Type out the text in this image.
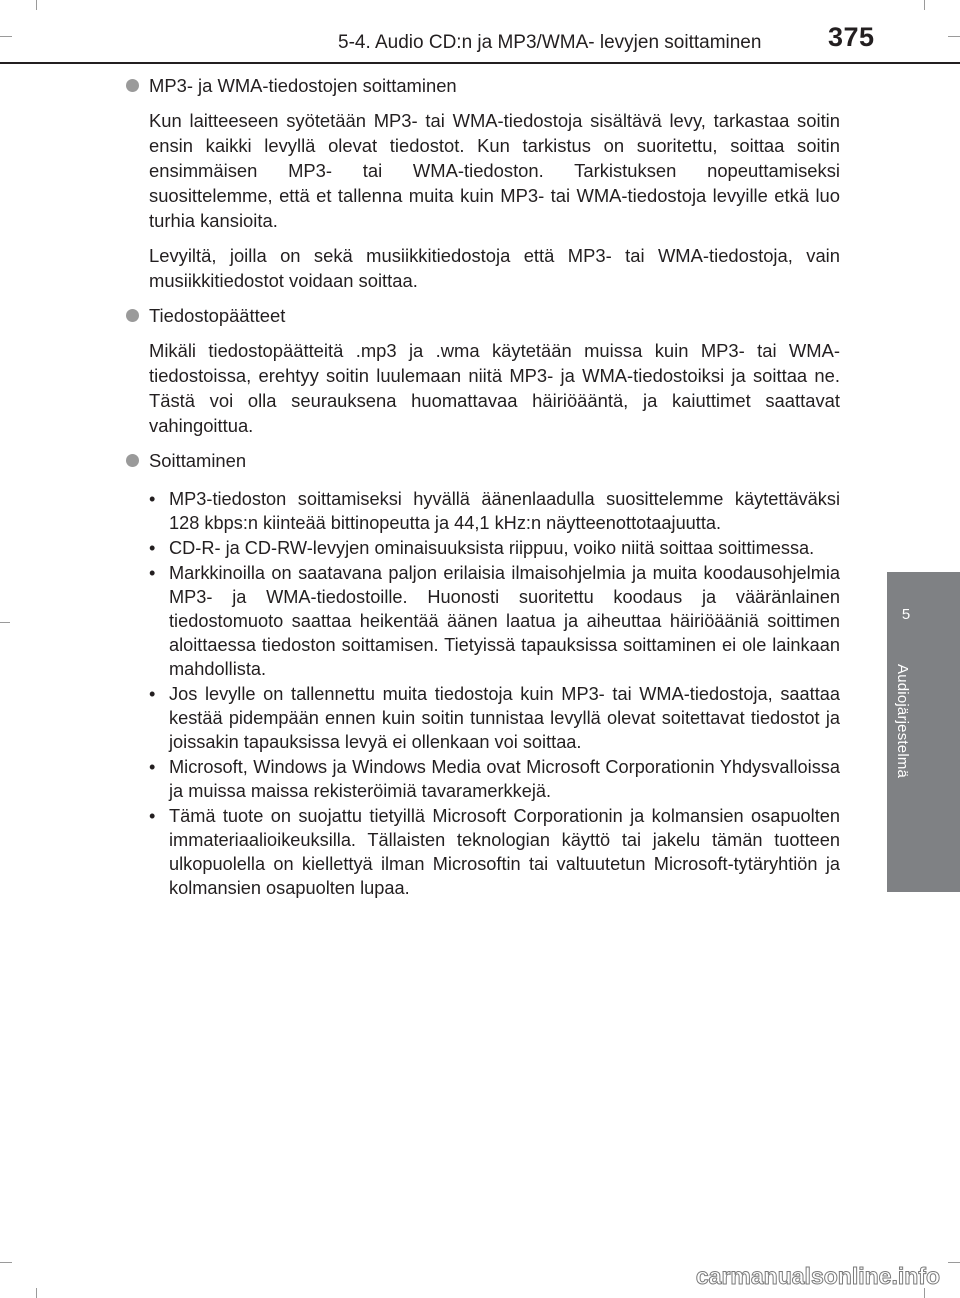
5-4. Audio CD:n ja MP3/WMA- levyjen soittaminen 375
5
Audiojärjestelmä
MP3- ja WMA-tiedostojen soittaminen

Kun laitteeseen syötetään MP3- tai WMA-tiedostoja sisältävä levy, tarkastaa soitin ensin kaikki levyllä olevat tiedostot. Kun tarkistus on suoritettu, soittaa soitin ensimmäisen MP3- tai WMA-tiedoston. Tarkistuksen nopeuttamiseksi suosittelemme, että et tallenna muita kuin MP3- tai WMA-tiedostoja levyille etkä luo turhia kansioita.

Levyiltä, joilla on sekä musiikkitiedostoja että MP3- tai WMA-tiedostoja, vain musiikkitiedostot voidaan soittaa.

Tiedostopäätteet

Mikäli tiedostopäätteitä .mp3 ja .wma käytetään muissa kuin MP3- tai WMA-tiedostoissa, erehtyy soitin luulemaan niitä MP3- ja WMA-tiedostoiksi ja soittaa ne. Tästä voi olla seurauksena huomattavaa häiriöääntä, ja kaiuttimet saattavat vahingoittua.

Soittaminen
• MP3-tiedoston soittamiseksi hyvällä äänenlaadulla suosittelemme käytettäväksi 128 kbps:n kiinteää bittinopeutta ja 44,1 kHz:n näytteenottotaajuutta.
• CD-R- ja CD-RW-levyjen ominaisuuksista riippuu, voiko niitä soittaa soittimessa.
• Markkinoilla on saatavana paljon erilaisia ilmaisohjelmia ja muita koodausohjelmia MP3- ja WMA-tiedostoille. Huonosti suoritettu koodaus ja vääränlainen tiedostomuoto saattaa heikentää äänen laatua ja aiheuttaa häiriöääniä soittimen aloittaessa tiedoston soittamisen. Tietyissä tapauksissa soittaminen ei ole lainkaan mahdollista.
• Jos levylle on tallennettu muita tiedostoja kuin MP3- tai WMA-tiedostoja, saattaa kestää pidempään ennen kuin soitin tunnistaa levyllä olevat soitettavat tiedostot ja joissakin tapauksissa levyä ei ollenkaan voi soittaa.
• Microsoft, Windows ja Windows Media ovat Microsoft Corporationin Yhdysvalloissa ja muissa maissa rekisteröimiä tavaramerkkejä.
• Tämä tuote on suojattu tietyillä Microsoft Corporationin ja kolmansien osapuolten immateriaalioikeuksilla. Tällaisten teknologian käyttö tai jakelu tämän tuotteen ulkopuolella on kiellettyä ilman Microsoftin tai valtuutetun Microsoft-tytäryhtiön ja kolmansien osapuolten lupaa.
carmanualsonline.info
